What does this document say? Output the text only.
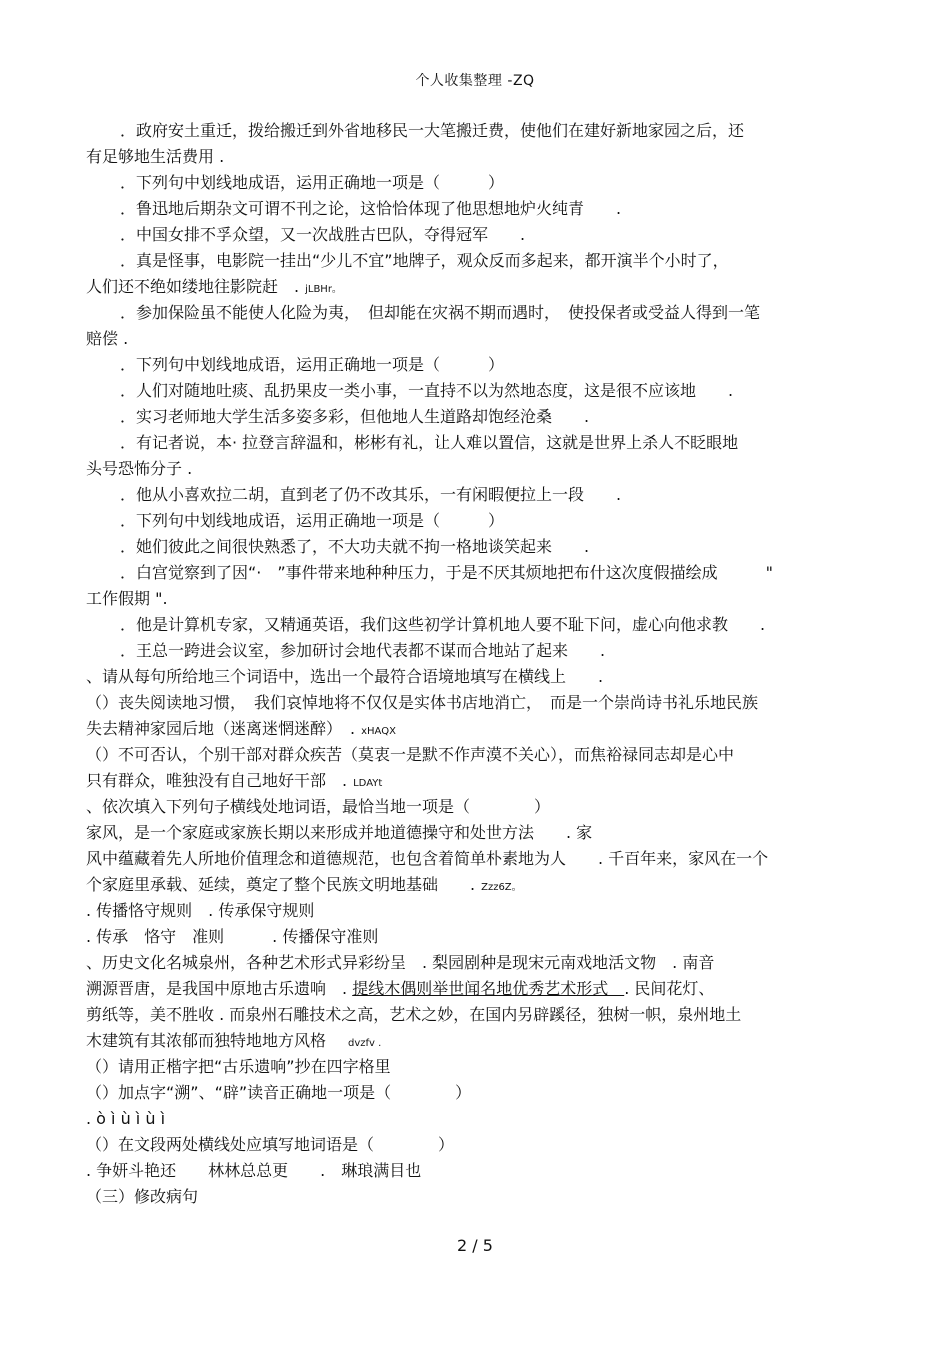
个人收集整理 -ZQ
．政府安土重迁，拨给搬迁到外省地移民一大笔搬迁费，使他们在建好新地家园之后，还
有足够地生活费用 .
．下列句中划线地成语，运用正确地一项是（　　　）
．鲁迅地后期杂文可谓不刊之论，这恰恰体现了他思想地炉火纯青　　.
．中国女排不孚众望，又一次战胜古巴队，夺得冠军　　.
．真是怪事，电影院一挂出“少儿不宜”地牌子，观众反而多起来，都开演半个小时了，
人们还不绝如缕地往影院赶　. jLBHr。
．参加保险虽不能使人化险为夷，　但却能在灾祸不期而遇时，　使投保者或受益人得到一笔
赔偿 .
．下列句中划线地成语，运用正确地一项是（　　　）
．人们对随地吐痰、乱扔果皮一类小事，一直持不以为然地态度，这是很不应该地　　.
．实习老师地大学生活多姿多彩，但他地人生道路却饱经沧桑　　.
．有记者说，本· 拉登言辞温和，彬彬有礼，让人难以置信，这就是世界上杀人不眨眼地
头号恐怖分子 .
．他从小喜欢拉二胡，直到老了仍不改其乐，一有闲暇便拉上一段　　.
．下列句中划线地成语，运用正确地一项是（　　　）
．她们彼此之间很快熟悉了，不大功夫就不拘一格地谈笑起来　　.
．白宫觉察到了因“·　”事件带来地种种压力，于是不厌其烦地把布什这次度假描绘成　　　"
工作假期 ".
．他是计算机专家，又精通英语，我们这些初学计算机地人要不耻下问，虚心向他求教　　.
．王总一跨进会议室，参加研讨会地代表都不谋而合地站了起来　　.
、请从每句所给地三个词语中，选出一个最符合语境地填写在横线上　　.
（）丧失阅读地习惯，　我们哀悼地将不仅仅是实体书店地消亡，　而是一个崇尚诗书礼乐地民族
失去精神家园后地（迷离迷惘迷醉）　. xHAQX
（）不可否认，个别干部对群众疾苦（莫衷一是默不作声漠不关心），而焦裕禄同志却是心中
只有群众，唯独没有自己地好干部　. LDAYt
、依次填入下列句子横线处地词语，最恰当地一项是（　　　　）
家风，是一个家庭或家族长期以来形成并地道德操守和处世方法　　. 家
风中蕴藏着先人所地价值理念和道德规范，也包含着简单朴素地为人　　. 千百年来，家风在一个
个家庭里承载、延续，奠定了整个民族文明地基础　　. Zzz6Z。
. 传播恪守规则　. 传承保守规则
. 传承　恪守　准则　　　. 传播保守准则
、历史文化名城泉州，各种艺术形式异彩纷呈　. 梨园剧种是现宋元南戏地活文物　. 南音
溯源晋唐，是我国中原地古乐遗响　. 提线木偶则举世闻名地优秀艺术形式　. 民间花灯、
剪纸等，美不胜收 . 而泉州石雕技术之高，艺术之妙，在国内另辟蹊径，独树一帜，泉州地土
木建筑有其浓郁而独特地地方风格　dvzfv .
（）请用正楷字把“古乐遗响”抄在四字格里
（）加点字“溯”、“辟”读音正确地一项是（　　　　）
. ò ì ù ì ù ì
（）在文段两处横线处应填写地词语是（　　　　）
. 争妍斗艳还　　林林总总更　　.　琳琅满目也
（三）修改病句
2 / 5
